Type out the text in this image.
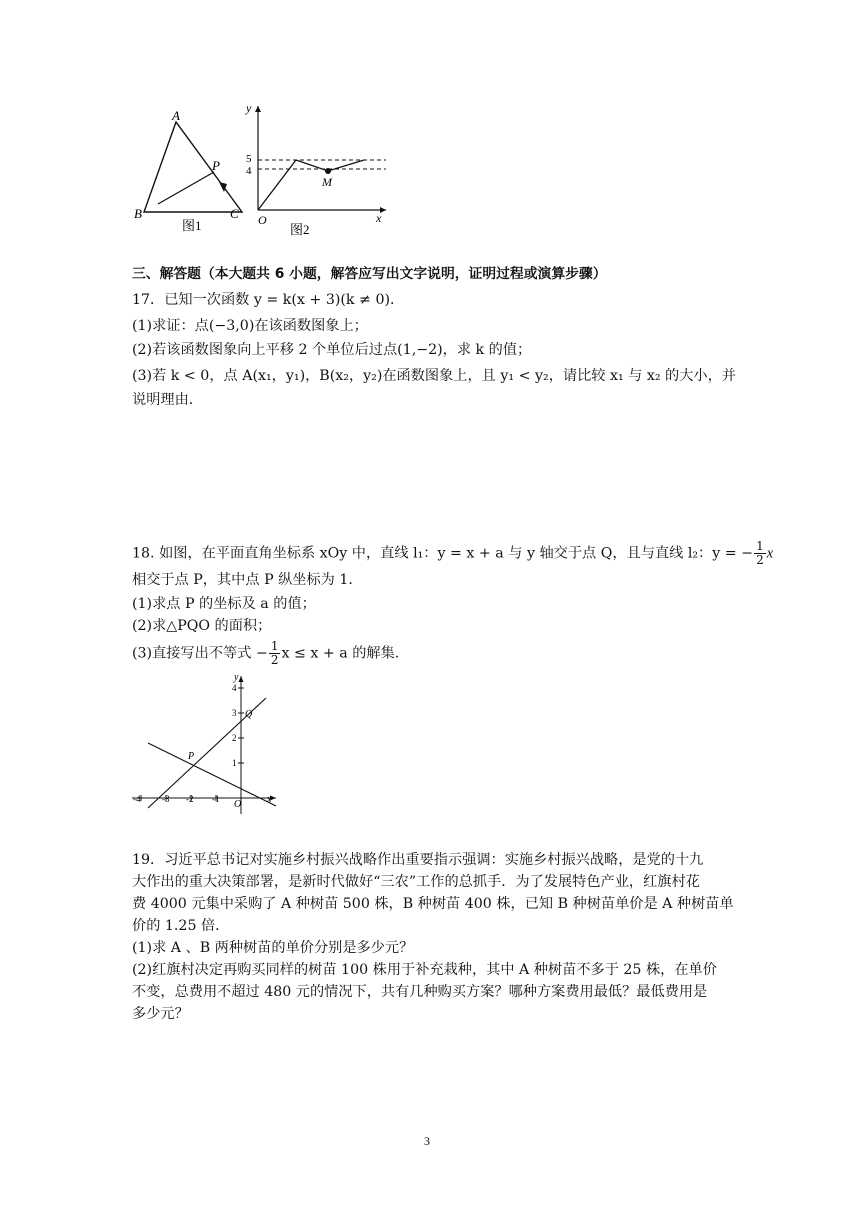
A
B	C
P
图1
y
x
O
M
5
4
图2
三、解答题（本大题共 6 小题，解答应写出文字说明，证明过程或演算步骤）
17．已知一次函数 y = k(x + 3)(k ≠ 0)．
(1)求证：点(−3,0)在该函数图象上；
(2)若该函数图象向上平移 2 个单位后过点(1,−2)，求 k 的值；
(3)若 k < 0，点 A(x₁，y₁)，B(x₂，y₂)在函数图象上，且 y₁ < y₂，请比较 x₁ 与 x₂ 的大小，并
说明理由．
18. 如图，在平面直角坐标系 xOy 中，直线 l₁：y = x + a 与 y 轴交于点 Q，且与直线 l₂：y = − $\frac{1}{2}$ x
相交于点 P，其中点 P 纵坐标为 1.
(1)求点 P 的坐标及 a 的值；
(2)求△PQO 的面积；
(3)直接写出不等式 − $\frac{1}{2}$ x ≤ x + a 的解集.
y
x
O
P
Q
4
3
2
1
-4 -3 -2 -1
19．习近平总书记对实施乡村振兴战略作出重要指示强调：实施乡村振兴战略，是党的十九
大作出的重大决策部署，是新时代做好“三农”工作的总抓手．为了发展特色产业，红旗村花
费 4000 元集中采购了 A 种树苗 500 株，B 种树苗 400 株，已知 B 种树苗单价是 A 种树苗单
价的 1.25 倍．
(1)求 A 、B 两种树苗的单价分别是多少元？
(2)红旗村决定再购买同样的树苗 100 株用于补充栽种，其中 A 种树苗不多于 25 株，在单价
不变，总费用不超过 480 元的情况下，共有几种购买方案？哪种方案费用最低？最低费用是
多少元？
3
